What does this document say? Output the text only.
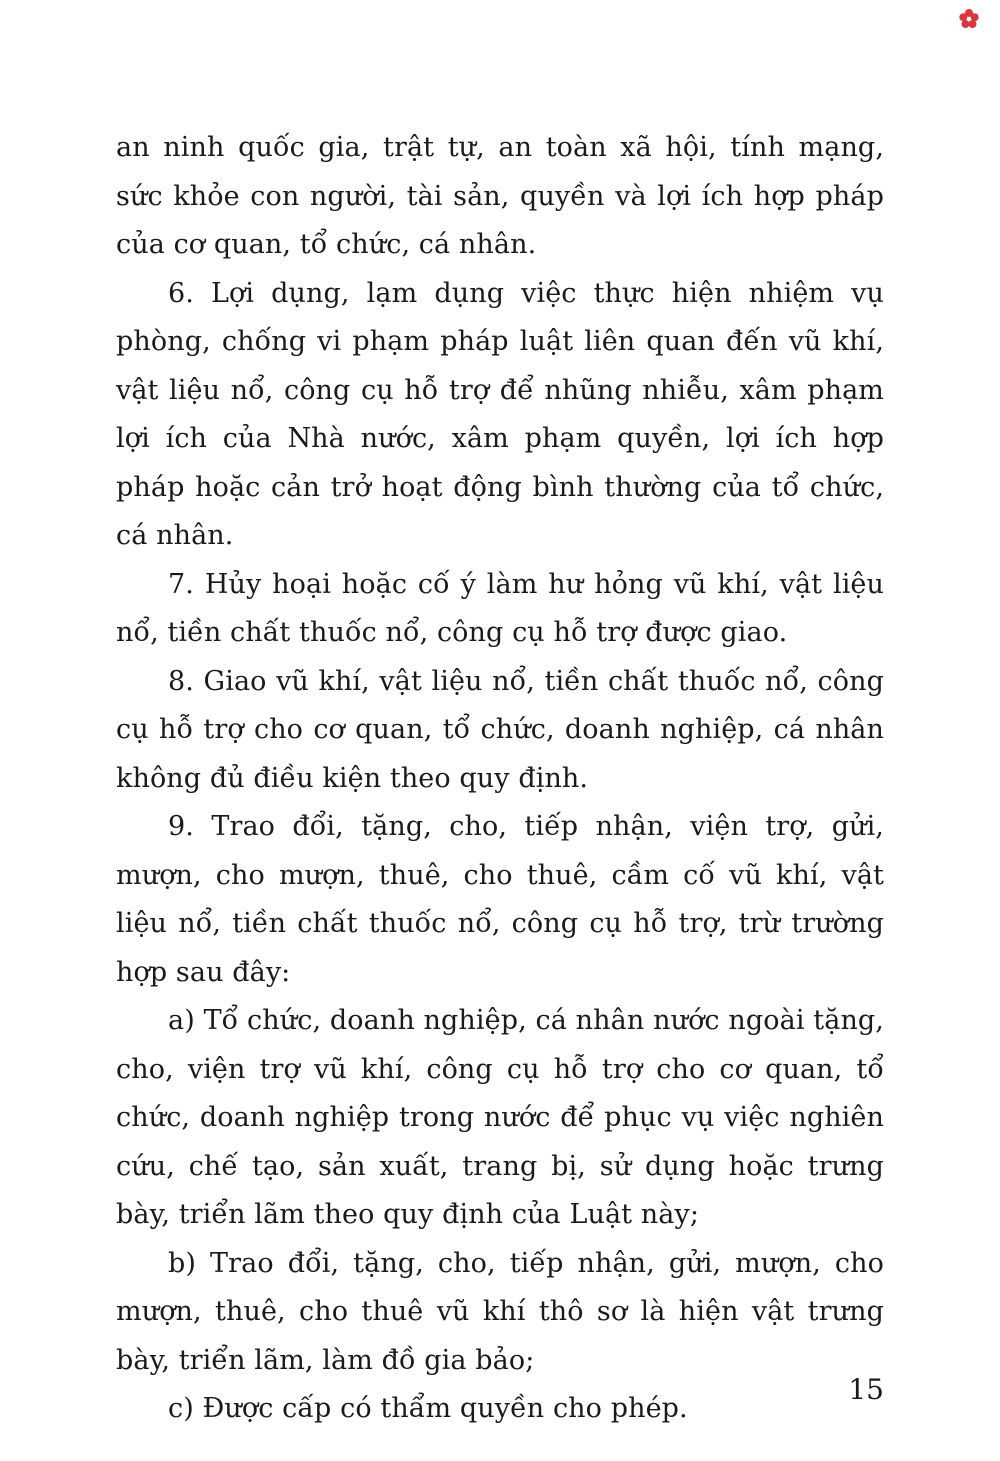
an ninh quốc gia, trật tự, an toàn xã hội, tính mạng, sức khỏe con người, tài sản, quyền và lợi ích hợp pháp của cơ quan, tổ chức, cá nhân.

6. Lợi dụng, lạm dụng việc thực hiện nhiệm vụ phòng, chống vi phạm pháp luật liên quan đến vũ khí, vật liệu nổ, công cụ hỗ trợ để nhũng nhiễu, xâm phạm lợi ích của Nhà nước, xâm phạm quyền, lợi ích hợp pháp hoặc cản trở hoạt động bình thường của tổ chức, cá nhân.

7. Hủy hoại hoặc cố ý làm hư hỏng vũ khí, vật liệu nổ, tiền chất thuốc nổ, công cụ hỗ trợ được giao.

8. Giao vũ khí, vật liệu nổ, tiền chất thuốc nổ, công cụ hỗ trợ cho cơ quan, tổ chức, doanh nghiệp, cá nhân không đủ điều kiện theo quy định.

9. Trao đổi, tặng, cho, tiếp nhận, viện trợ, gửi, mượn, cho mượn, thuê, cho thuê, cầm cố vũ khí, vật liệu nổ, tiền chất thuốc nổ, công cụ hỗ trợ, trừ trường hợp sau đây:

a) Tổ chức, doanh nghiệp, cá nhân nước ngoài tặng, cho, viện trợ vũ khí, công cụ hỗ trợ cho cơ quan, tổ chức, doanh nghiệp trong nước để phục vụ việc nghiên cứu, chế tạo, sản xuất, trang bị, sử dụng hoặc trưng bày, triển lãm theo quy định của Luật này;

b) Trao đổi, tặng, cho, tiếp nhận, gửi, mượn, cho mượn, thuê, cho thuê vũ khí thô sơ là hiện vật trưng bày, triển lãm, làm đồ gia bảo;

c) Được cấp có thẩm quyền cho phép.

15
